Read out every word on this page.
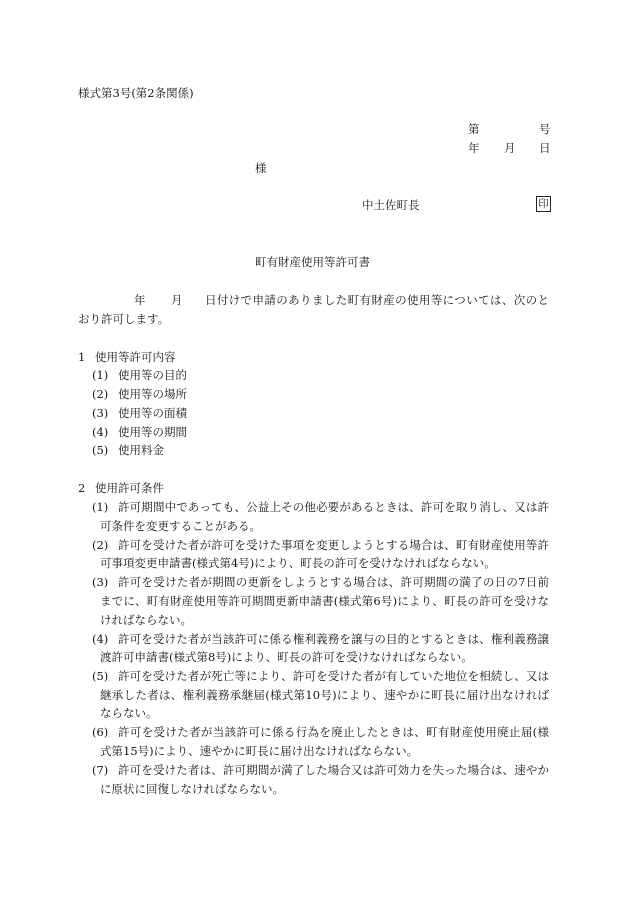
様式第3号(第2条関係)
第	号
年 月 日
様
中土佐町長	印
町有財産使用等許可書
年 月 日付けで申請のありました町有財産の使用等については、次のと
おり許可します。
1 使用等許可内容
(1) 使用等の目的
(2) 使用等の場所
(3) 使用等の面積
(4) 使用等の期間
(5) 使用料金
2 使用許可条件
(1) 許可期間中であっても、公益上その他必要があるときは、許可を取り消し、又は許
可条件を変更することがある。
(2) 許可を受けた者が許可を受けた事項を変更しようとする場合は、町有財産使用等許
可事項変更申請書(様式第4号)により、町長の許可を受けなければならない。
(3) 許可を受けた者が期間の更新をしようとする場合は、許可期間の満了の日の7日前
までに、町有財産使用等許可期間更新申請書(様式第6号)により、町長の許可を受けな
ければならない。
(4) 許可を受けた者が当該許可に係る権利義務を譲与の目的とするときは、権利義務譲
渡許可申請書(様式第8号)により、町長の許可を受けなければならない。
(5) 許可を受けた者が死亡等により、許可を受けた者が有していた地位を相続し、又は
継承した者は、権利義務承継届(様式第10号)により、速やかに町長に届け出なければ
ならない。
(6) 許可を受けた者が当該許可に係る行為を廃止したときは、町有財産使用廃止届(様
式第15号)により、速やかに町長に届け出なければならない。
(7) 許可を受けた者は、許可期間が満了した場合又は許可効力を失った場合は、速やか
に原状に回復しなければならない。
